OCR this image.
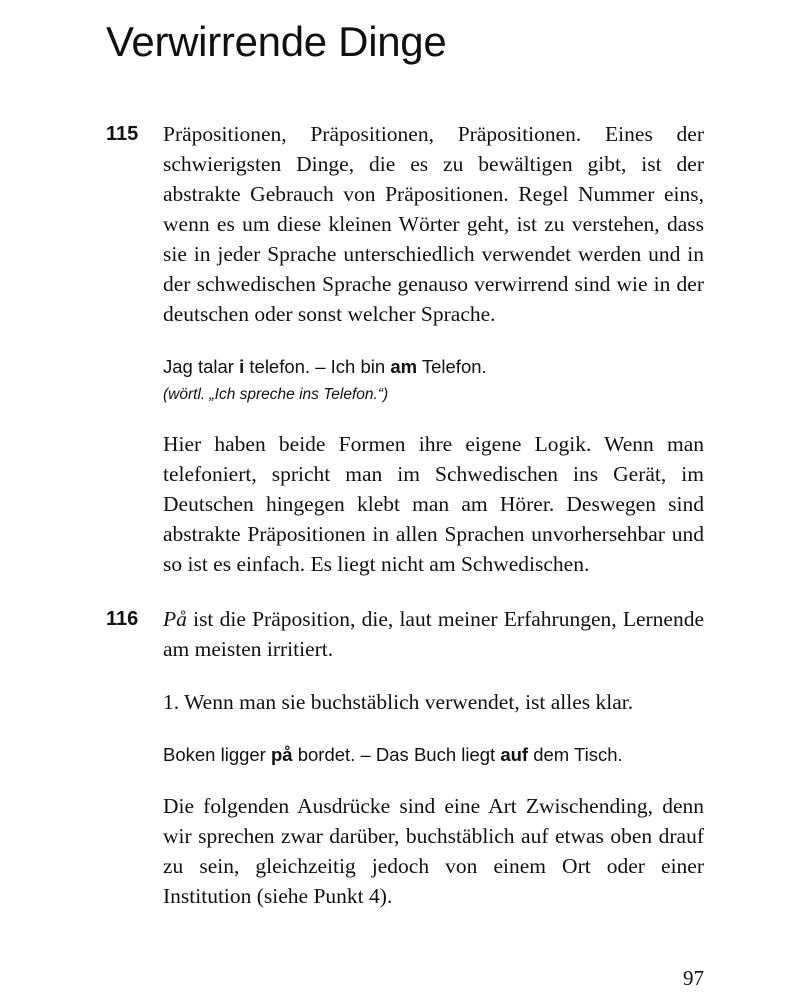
Verwirrende Dinge
115 Präpositionen, Präpositionen, Präpositionen. Eines der schwierigsten Dinge, die es zu bewältigen gibt, ist der abstrakte Gebrauch von Präpositionen. Regel Nummer eins, wenn es um diese kleinen Wörter geht, ist zu verstehen, dass sie in jeder Sprache unterschiedlich verwendet werden und in der schwedischen Sprache genauso verwirrend sind wie in der deutschen oder sonst welcher Sprache.

Jag talar i telefon. – Ich bin am Telefon.
(wörtl. „Ich spreche ins Telefon.“)

Hier haben beide Formen ihre eigene Logik. Wenn man telefoniert, spricht man im Schwedischen ins Gerät, im Deutschen hingegen klebt man am Hörer. Deswegen sind abstrakte Präpositionen in allen Sprachen unvorhersehbar und so ist es einfach. Es liegt nicht am Schwedischen.

116 På ist die Präposition, die, laut meiner Erfahrungen, Lernende am meisten irritiert.

1. Wenn man sie buchstäblich verwendet, ist alles klar.

Boken ligger på bordet. – Das Buch liegt auf dem Tisch.

Die folgenden Ausdrücke sind eine Art Zwischending, denn wir sprechen zwar darüber, buchstäblich auf etwas oben drauf zu sein, gleichzeitig jedoch von einem Ort oder einer Institution (siehe Punkt 4).

97
